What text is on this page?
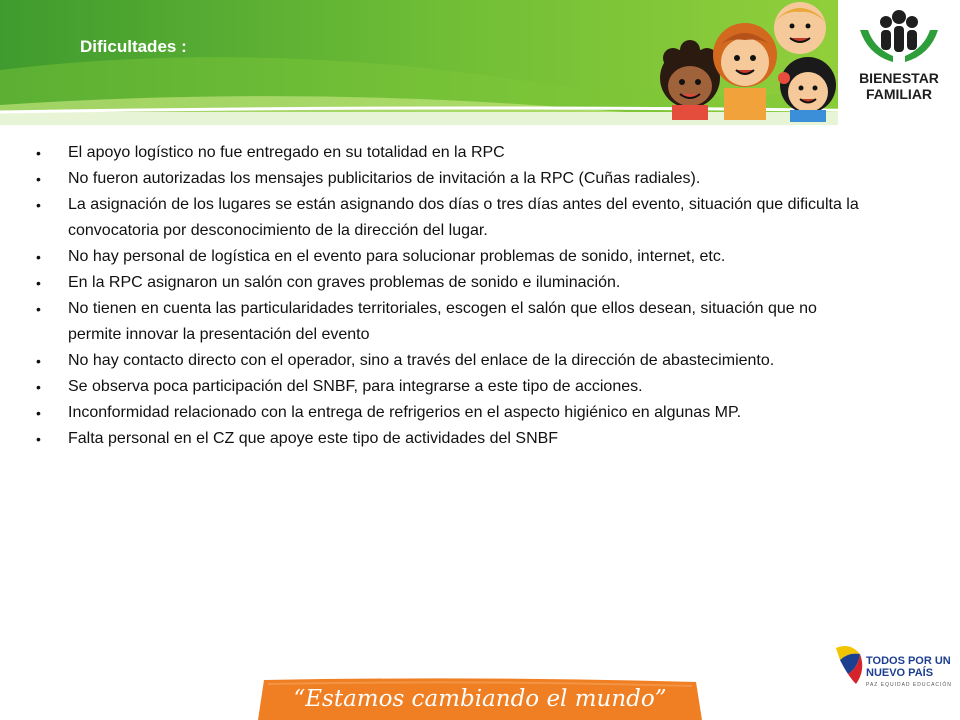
Dificultades :
BIENESTAR
FAMILIAR
• El apoyo logístico no fue entregado en su totalidad en la RPC
• No fueron autorizadas los mensajes publicitarios de invitación a la RPC (Cuñas radiales).
• La asignación de los lugares se están asignando dos días o tres días antes del evento, situación que dificulta la convocatoria por desconocimiento de la dirección del lugar.
• No hay personal de logística en el evento para solucionar problemas de sonido, internet, etc.
• En la RPC asignaron un salón con graves problemas de sonido e iluminación.
• No tienen en cuenta las particularidades territoriales, escogen el salón que ellos desean, situación que no permite innovar la presentación del evento
• No hay contacto directo con el operador, sino a través del enlace de la dirección de abastecimiento.
• Se observa poca participación del SNBF, para integrarse a este tipo de acciones.
• Inconformidad relacionado con la entrega de refrigerios en el aspecto higiénico en algunas MP.
• Falta personal en el CZ que apoye este tipo de actividades del SNBF
“Estamos cambiando el mundo”
TODOS POR UN
NUEVO PAÍS
PAZ EQUIDAD EDUCACIÓN
